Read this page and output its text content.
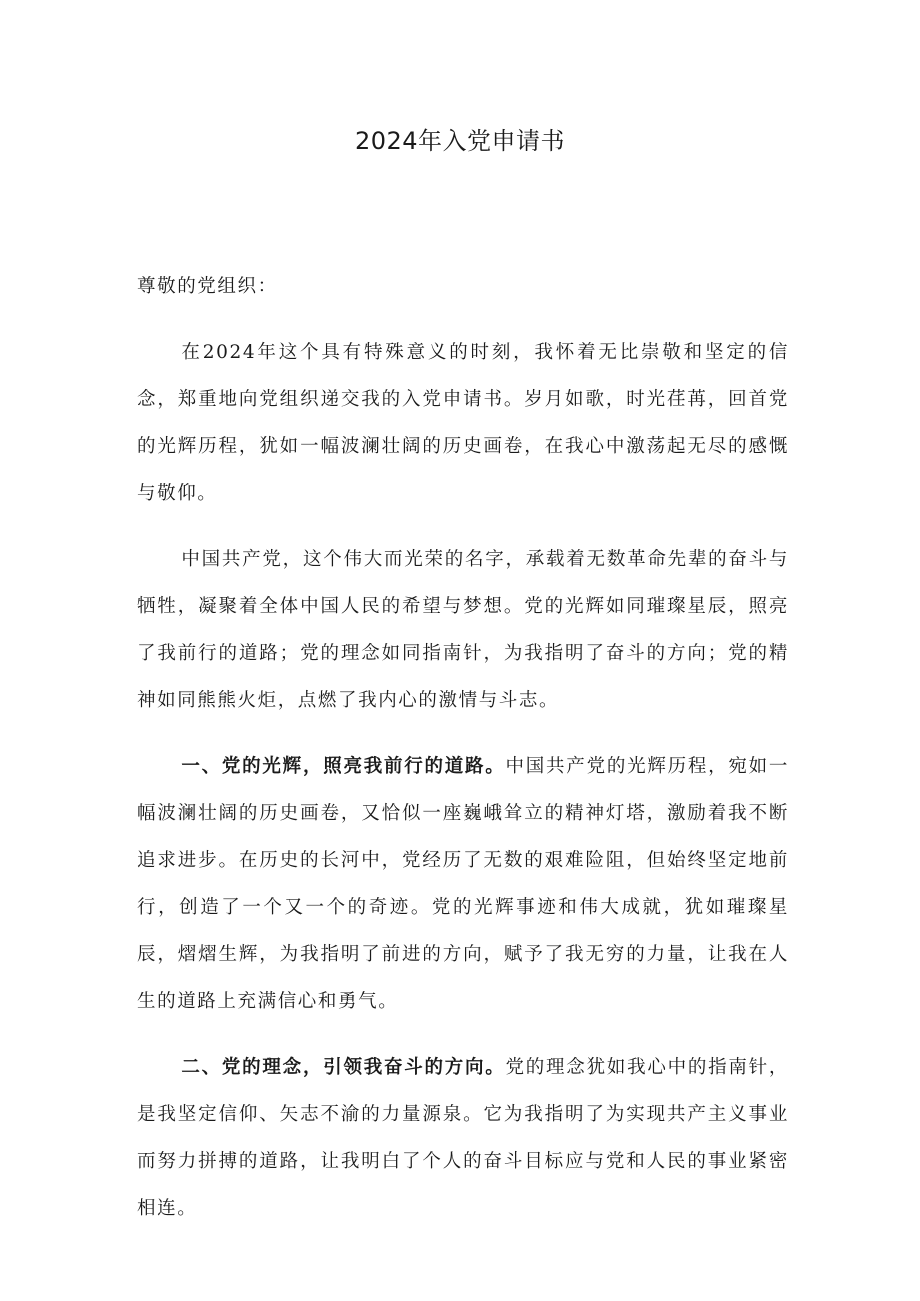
2024年入党申请书

尊敬的党组织：

在2024年这个具有特殊意义的时刻，我怀着无比崇敬和坚定的信念，郑重地向党组织递交我的入党申请书。岁月如歌，时光荏苒，回首党的光辉历程，犹如一幅波澜壮阔的历史画卷，在我心中激荡起无尽的感慨与敬仰。

中国共产党，这个伟大而光荣的名字，承载着无数革命先辈的奋斗与牺牲，凝聚着全体中国人民的希望与梦想。党的光辉如同璀璨星辰，照亮了我前行的道路；党的理念如同指南针，为我指明了奋斗的方向；党的精神如同熊熊火炬，点燃了我内心的激情与斗志。

一、党的光辉，照亮我前行的道路。中国共产党的光辉历程，宛如一幅波澜壮阔的历史画卷，又恰似一座巍峨耸立的精神灯塔，激励着我不断追求进步。在历史的长河中，党经历了无数的艰难险阻，但始终坚定地前行，创造了一个又一个的奇迹。党的光辉事迹和伟大成就，犹如璀璨星辰，熠熠生辉，为我指明了前进的方向，赋予了我无穷的力量，让我在人生的道路上充满信心和勇气。

二、党的理念，引领我奋斗的方向。党的理念犹如我心中的指南针，是我坚定信仰、矢志不渝的力量源泉。它为我指明了为实现共产主义事业而努力拼搏的道路，让我明白了个人的奋斗目标应与党和人民的事业紧密相连。
